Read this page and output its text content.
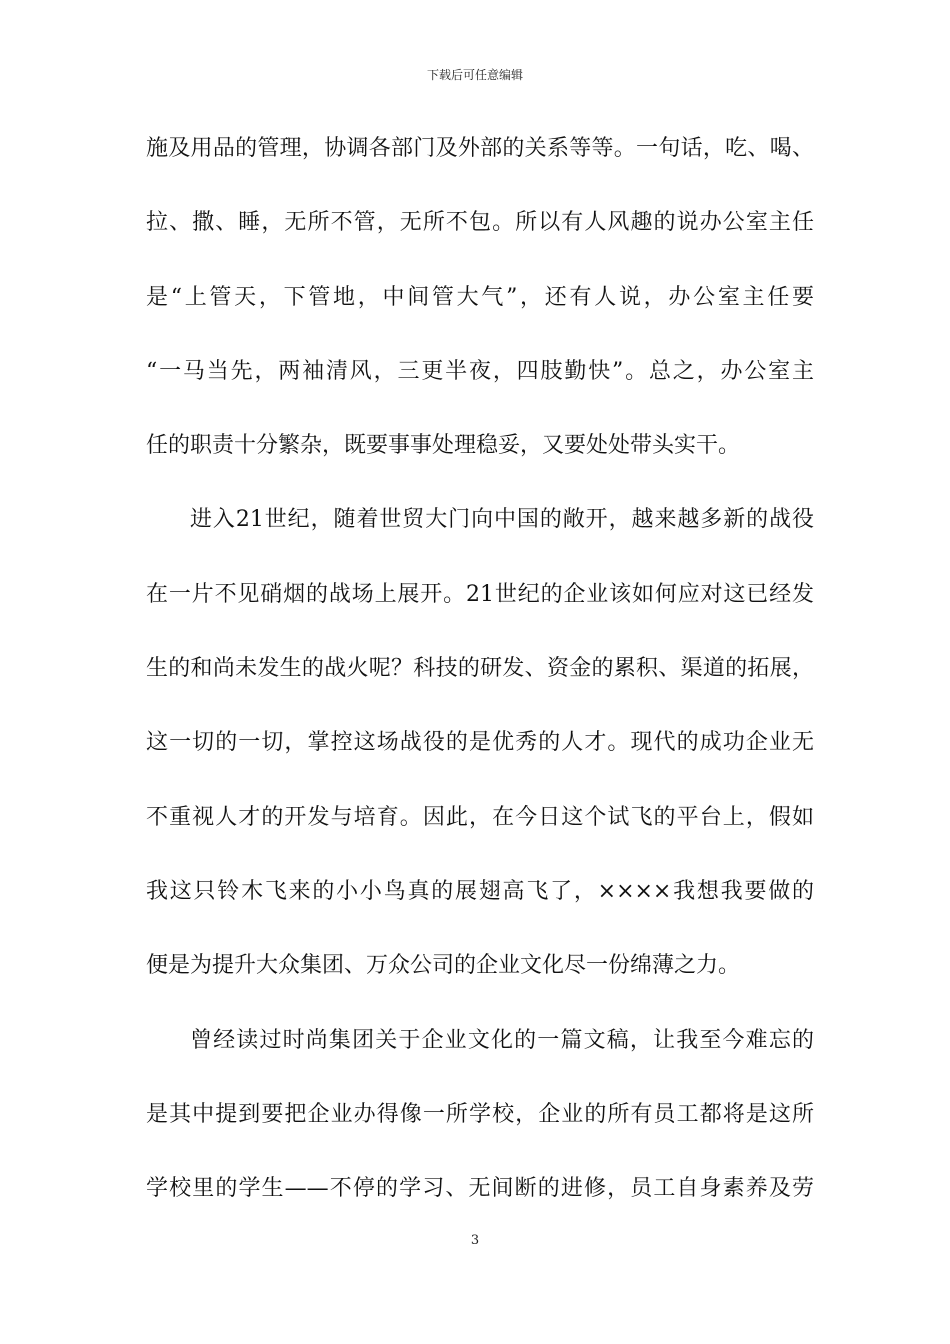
下载后可任意编辑
施及用品的管理，协调各部门及外部的关系等等。一句话，吃、喝、
拉、撒、睡，无所不管，无所不包。所以有人风趣的说办公室主任
是“上管天，下管地，中间管大气”，还有人说，办公室主任要
“一马当先，两袖清风，三更半夜，四肢勤快”。总之，办公室主
任的职责十分繁杂，既要事事处理稳妥，又要处处带头实干。
进入21世纪，随着世贸大门向中国的敞开，越来越多新的战役
在一片不见硝烟的战场上展开。21世纪的企业该如何应对这已经发
生的和尚未发生的战火呢？科技的研发、资金的累积、渠道的拓展，
这一切的一切，掌控这场战役的是优秀的人才。现代的成功企业无
不重视人才的开发与培育。因此，在今日这个试飞的平台上，假如
我这只铃木飞来的小小鸟真的展翅高飞了，××××我想我要做的
便是为提升大众集团、万众公司的企业文化尽一份绵薄之力。
曾经读过时尚集团关于企业文化的一篇文稿，让我至今难忘的
是其中提到要把企业办得像一所学校，企业的所有员工都将是这所
学校里的学生——不停的学习、无间断的进修，员工自身素养及劳
3
